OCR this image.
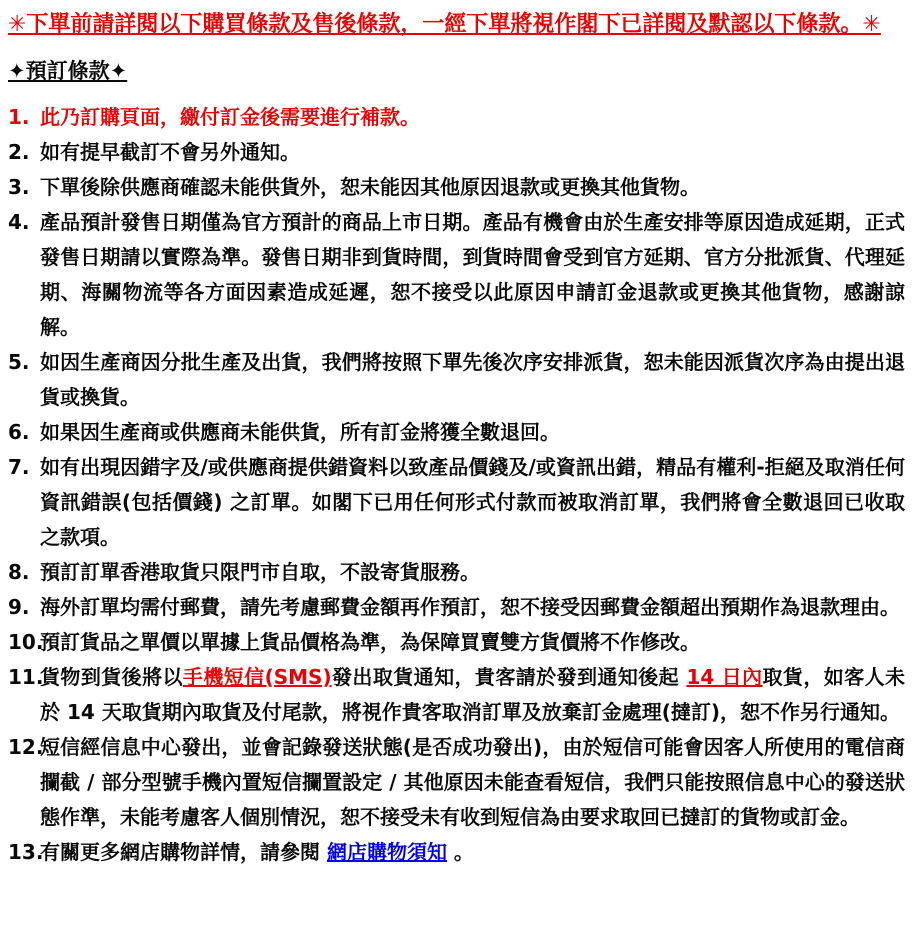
✳下單前請詳閱以下購買條款及售後條款，一經下單將視作閣下已詳閱及默認以下條款。✳

✦預訂條款✦

1. 此乃訂購頁面，繳付訂金後需要進行補款。
2. 如有提早截訂不會另外通知。
3. 下單後除供應商確認未能供貨外，恕未能因其他原因退款或更換其他貨物。
4. 產品預計發售日期僅為官方預計的商品上市日期。產品有機會由於生產安排等原因造成延期，正式發售日期請以實際為準。發售日期非到貨時間，到貨時間會受到官方延期、官方分批派貨、代理延期、海關物流等各方面因素造成延遲，恕不接受以此原因申請訂金退款或更換其他貨物，感謝諒解。
5. 如因生產商因分批生產及出貨，我們將按照下單先後次序安排派貨，恕未能因派貨次序為由提出退貨或換貨。
6. 如果因生產商或供應商未能供貨，所有訂金將獲全數退回。
7. 如有出現因錯字及/或供應商提供錯資料以致產品價錢及/或資訊出錯，精品有權利-拒絕及取消任何資訊錯誤(包括價錢) 之訂單。如閣下已用任何形式付款而被取消訂單，我們將會全數退回已收取之款項。
8. 預訂訂單香港取貨只限門市自取，不設寄貨服務。
9. 海外訂單均需付郵費，請先考慮郵費金額再作預訂，恕不接受因郵費金額超出預期作為退款理由。
10.
預訂貨品之單價以單據上貨品價格為準，為保障買賣雙方貨價將不作修改。
11.
貨物到貨後將以手機短信(SMS)發出取貨通知，貴客請於發到通知後起 14 日內取貨，如客人未於 14 天取貨期內取貨及付尾款，將視作貴客取消訂單及放棄訂金處理(撻訂)，恕不作另行通知。
12.
短信經信息中心發出，並會記錄發送狀態(是否成功發出)，由於短信可能會因客人所使用的電信商攔截 / 部分型號手機內置短信攔置設定 / 其他原因未能查看短信，我們只能按照信息中心的發送狀態作準，未能考慮客人個別情況，恕不接受未有收到短信為由要求取回已撻訂的貨物或訂金。
13.
有關更多網店購物詳情，請參閱 網店購物須知 。
